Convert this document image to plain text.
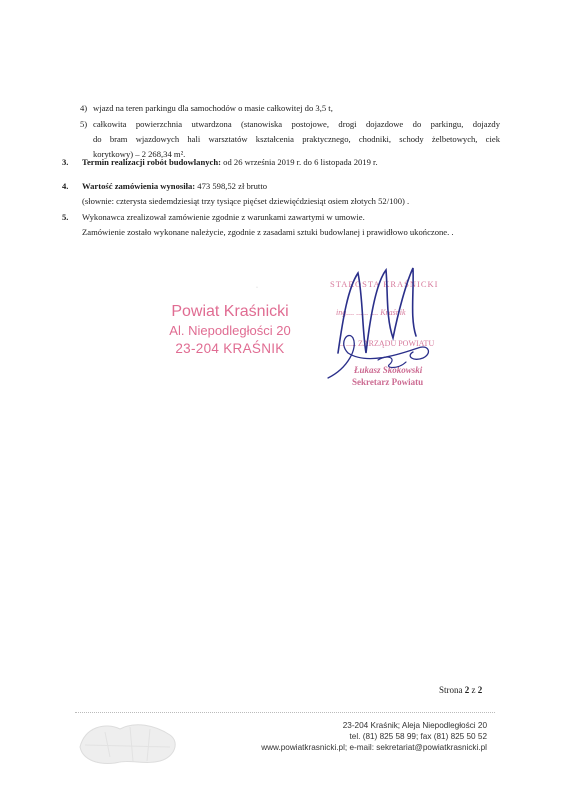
4) wjazd na teren parkingu dla samochodów o masie całkowitej do 3,5 t,
5) całkowita powierzchnia utwardzona (stanowiska postojowe, drogi dojazdowe do parkingu, dojazdy
do bram wjazdowych hali warsztatów kształcenia praktycznego, chodniki, schody żelbetowych, ciek
korytkowy) – 2 268,34 m².
3. Termin realizacji robót budowlanych: od 26 września 2019 r. do 6 listopada 2019 r.
4. Wartość zamówienia wynosiła: 473 598,52 zł brutto
(słownie: czterysta siedemdziesiąt trzy tysiące pięćset dziewięćdziesiąt osiem złotych 52/100) .
5. Wykonawca zrealizował zamówienie zgodnie z warunkami zawartymi w umowie.
Zamówienie zostało wykonane należycie, zgodnie z zasadami sztuki budowlanej i prawidłowo ukończone. .
·
Powiat Kraśnicki
Al. Niepodległości 20
23-204 KRAŚNIK
STAROSTA KRAŚNICKI
ing.... ...... .... Kraśnik
.. ..... ZARZĄDU POWIATU
Łukasz Skokowski
Sekretarz Powiatu
Strona 2 z 2
23-204 Kraśnik; Aleja Niepodległości 20
tel. (81) 825 58 99; fax (81) 825 50 52
www.powiatkrasnicki.pl; e-mail: sekretariat@powiatkrasnicki.pl
